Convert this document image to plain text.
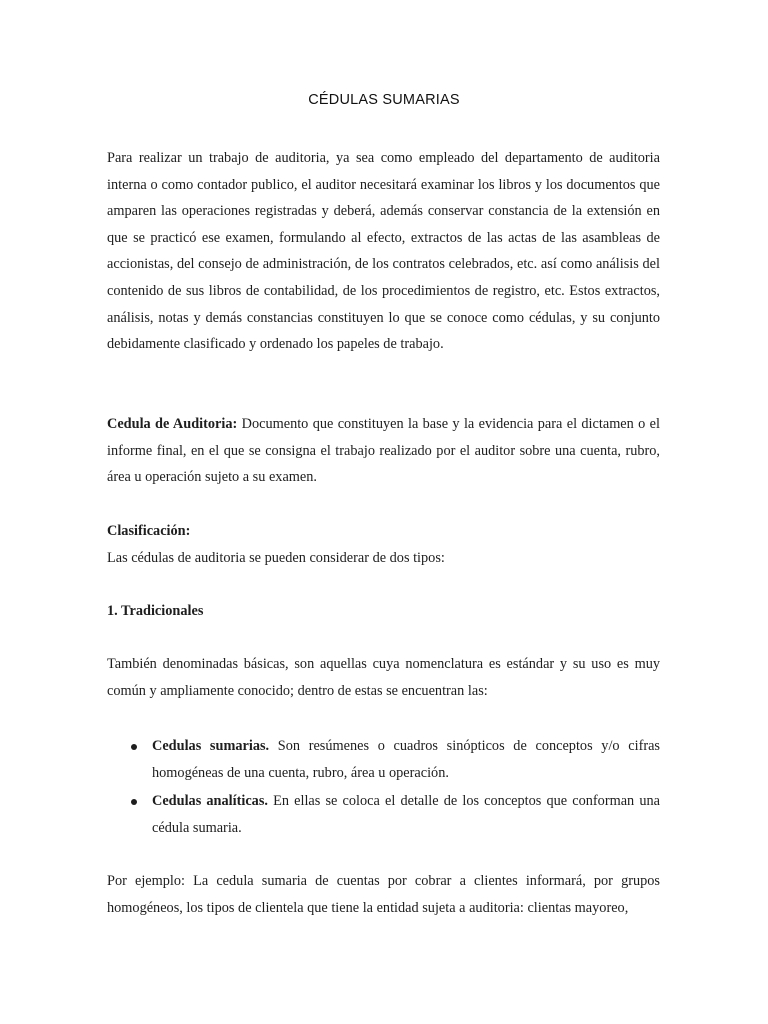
CÉDULAS SUMARIAS
Para realizar un trabajo de auditoria, ya sea como empleado del departamento de auditoria interna o como contador publico, el auditor necesitará examinar los libros y los documentos que amparen las operaciones registradas y deberá, además conservar constancia de la extensión en que se practicó ese examen, formulando al efecto, extractos de las actas de las asambleas de accionistas, del consejo de administración, de los contratos celebrados, etc. así como análisis del contenido de sus libros de contabilidad, de los procedimientos de registro, etc. Estos extractos, análisis, notas y demás constancias constituyen lo que se conoce como cédulas, y su conjunto debidamente clasificado y ordenado los papeles de trabajo.
Cedula de Auditoria: Documento que constituyen la base y la evidencia para el dictamen o el informe final, en el que se consigna el trabajo realizado por el auditor sobre una cuenta, rubro, área u operación sujeto a su examen.
Clasificación:
Las cédulas de auditoria se pueden considerar de dos tipos:
1. Tradicionales
También denominadas básicas, son aquellas cuya nomenclatura es estándar y su uso es muy común y ampliamente conocido; dentro de estas se encuentran las:
Cedulas sumarias. Son resúmenes o cuadros sinópticos de conceptos y/o cifras homogéneas de una cuenta, rubro, área u operación.
Cedulas analíticas. En ellas se coloca el detalle de los conceptos que conforman una cédula sumaria.
Por ejemplo: La cedula sumaria de cuentas por cobrar a clientes informará, por grupos homogéneos, los tipos de clientela que tiene la entidad sujeta a auditoria: clientas mayoreo,
